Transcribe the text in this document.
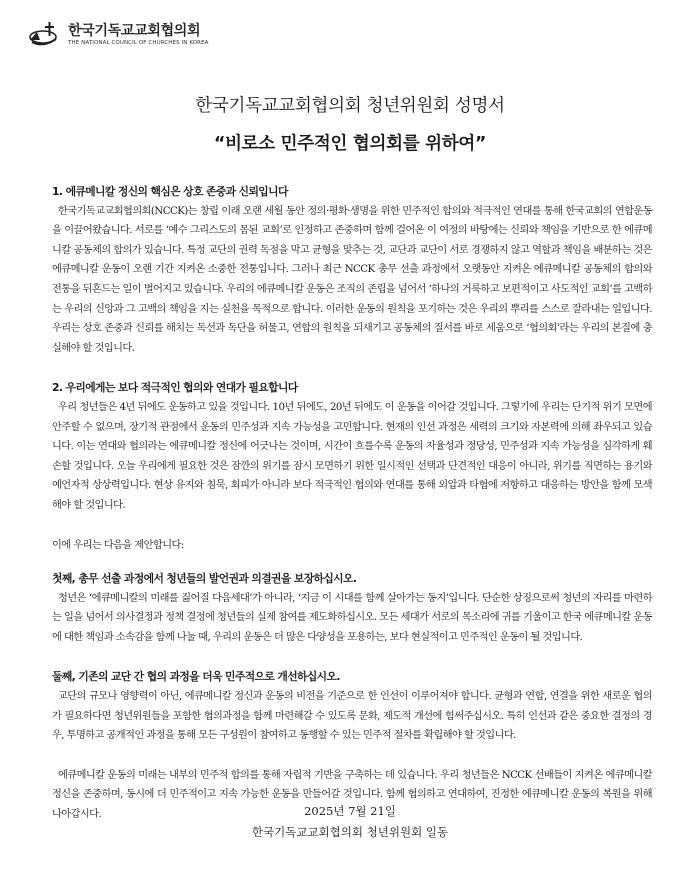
한국기독교교회협의회
THE NATIONAL COUNCIL OF CHURCHES IN KOREA
한국기독교교회협의회 청년위원회 성명서
“비로소 민주적인 협의회를 위하여”

1. 에큐메니칼 정신의 핵심은 상호 존중과 신뢰입니다

한국기독교교회협의회(NCCK)는 창립 이래 오랜 세월 동안 정의·평화·생명을 위한 민주적인 합의와 적극적인 연대를 통해 한국교회의 연합운동을 이끌어왔습니다. 서로를 ‘예수 그리스도의 몸된 교회’로 인정하고 존중하며 함께 걸어온 이 여정의 바탕에는 신뢰와 책임을 기반으로 한 에큐메니칼 공동체의 합의가 있습니다. 특정 교단의 권력 독점을 막고 균형을 맞추는 것, 교단과 교단이 서로 경쟁하지 않고 역할과 책임을 배분하는 것은 에큐메니칼 운동이 오랜 기간 지켜온 소중한 전통입니다. 그러나 최근 NCCK 총무 선출 과정에서 오랫동안 지켜온 에큐메니칼 공동체의 합의와 전통을 뒤흔드는 일이 벌어지고 있습니다. 우리의 에큐메니칼 운동은 조직의 존립을 넘어서 ‘하나의 거룩하고 보편적이고 사도적인 교회’를 고백하는 우리의 신앙과 그 고백의 책임을 지는 실천을 목적으로 합니다. 이러한 운동의 원칙을 포기하는 것은 우리의 뿌리를 스스로 잘라내는 일입니다. 우리는 상호 존중과 신뢰를 해치는 독선과 독단을 허물고, 연합의 원칙을 되새기고 공동체의 질서를 바로 세움으로 ‘협의회’라는 우리의 본질에 충실해야 할 것입니다.

2. 우리에게는 보다 적극적인 협의와 연대가 필요합니다

우리 청년들은 4년 뒤에도 운동하고 있을 것입니다. 10년 뒤에도, 20년 뒤에도 이 운동을 이어갈 것입니다. 그렇기에 우리는 단기적 위기 모면에 안주할 수 없으며, 장기적 관점에서 운동의 민주성과 지속 가능성을 고민합니다. 현재의 인선 과정은 세력의 크기와 자본력에 의해 좌우되고 있습니다. 이는 연대와 협의라는 에큐메니칼 정신에 어긋나는 것이며, 시간이 흐를수록 운동의 자율성과 정당성, 민주성과 지속 가능성을 심각하게 훼손할 것입니다. 오늘 우리에게 필요한 것은 잠깐의 위기를 잠시 모면하기 위한 일시적인 선택과 단견적인 대응이 아니라, 위기를 직면하는 용기와 예언자적 상상력입니다. 현상 유지와 침묵, 회피가 아니라 보다 적극적인 협의와 연대를 통해 외압과 타협에 저항하고 대응하는 방안을 함께 모색해야 할 것입니다.

이에 우리는 다음을 제안합니다:

첫째, 총무 선출 과정에서 청년들의 발언권과 의결권을 보장하십시오.

청년은 ‘에큐메니칼의 미래를 짊어질 다음세대’가 아니라, ‘지금 이 시대를 함께 살아가는 동지’입니다. 단순한 상징으로써 청년의 자리를 마련하는 일을 넘어서 의사결정과 정책 결정에 청년들의 실제 참여를 제도화하십시오. 모든 세대가 서로의 목소리에 귀를 기울이고 한국 에큐메니칼 운동에 대한 책임과 소속감을 함께 나눌 때, 우리의 운동은 더 많은 다양성을 포용하는, 보다 현실적이고 민주적인 운동이 될 것입니다.

둘째, 기존의 교단 간 협의 과정을 더욱 민주적으로 개선하십시오.

교단의 규모나 영향력이 아닌, 에큐메니칼 정신과 운동의 비전을 기준으로 한 인선이 이루어져야 합니다. 균형과 연합, 연결을 위한 새로운 협의가 필요하다면 청년위원들을 포함한 협의과정을 함께 마련해갈 수 있도록 문화, 제도적 개선에 힘써주십시오. 특히 인선과 같은 중요한 결정의 경우, 투명하고 공개적인 과정을 통해 모든 구성원이 참여하고 동행할 수 있는 민주적 절차를 확립해야 할 것입니다.

에큐메니칼 운동의 미래는 내부의 민주적 합의를 통해 자립적 기반을 구축하는 데 있습니다. 우리 청년들은 NCCK 선배들이 지켜온 에큐메니칼 정신을 존중하며, 동시에 더 민주적이고 지속 가능한 운동을 만들어갈 것입니다. 함께 협의하고 연대하여, 진정한 에큐메니칼 운동의 복원을 위해 나아갑시다.	2025년 7월 21일
한국기독교교회협의회 청년위원회 일동
